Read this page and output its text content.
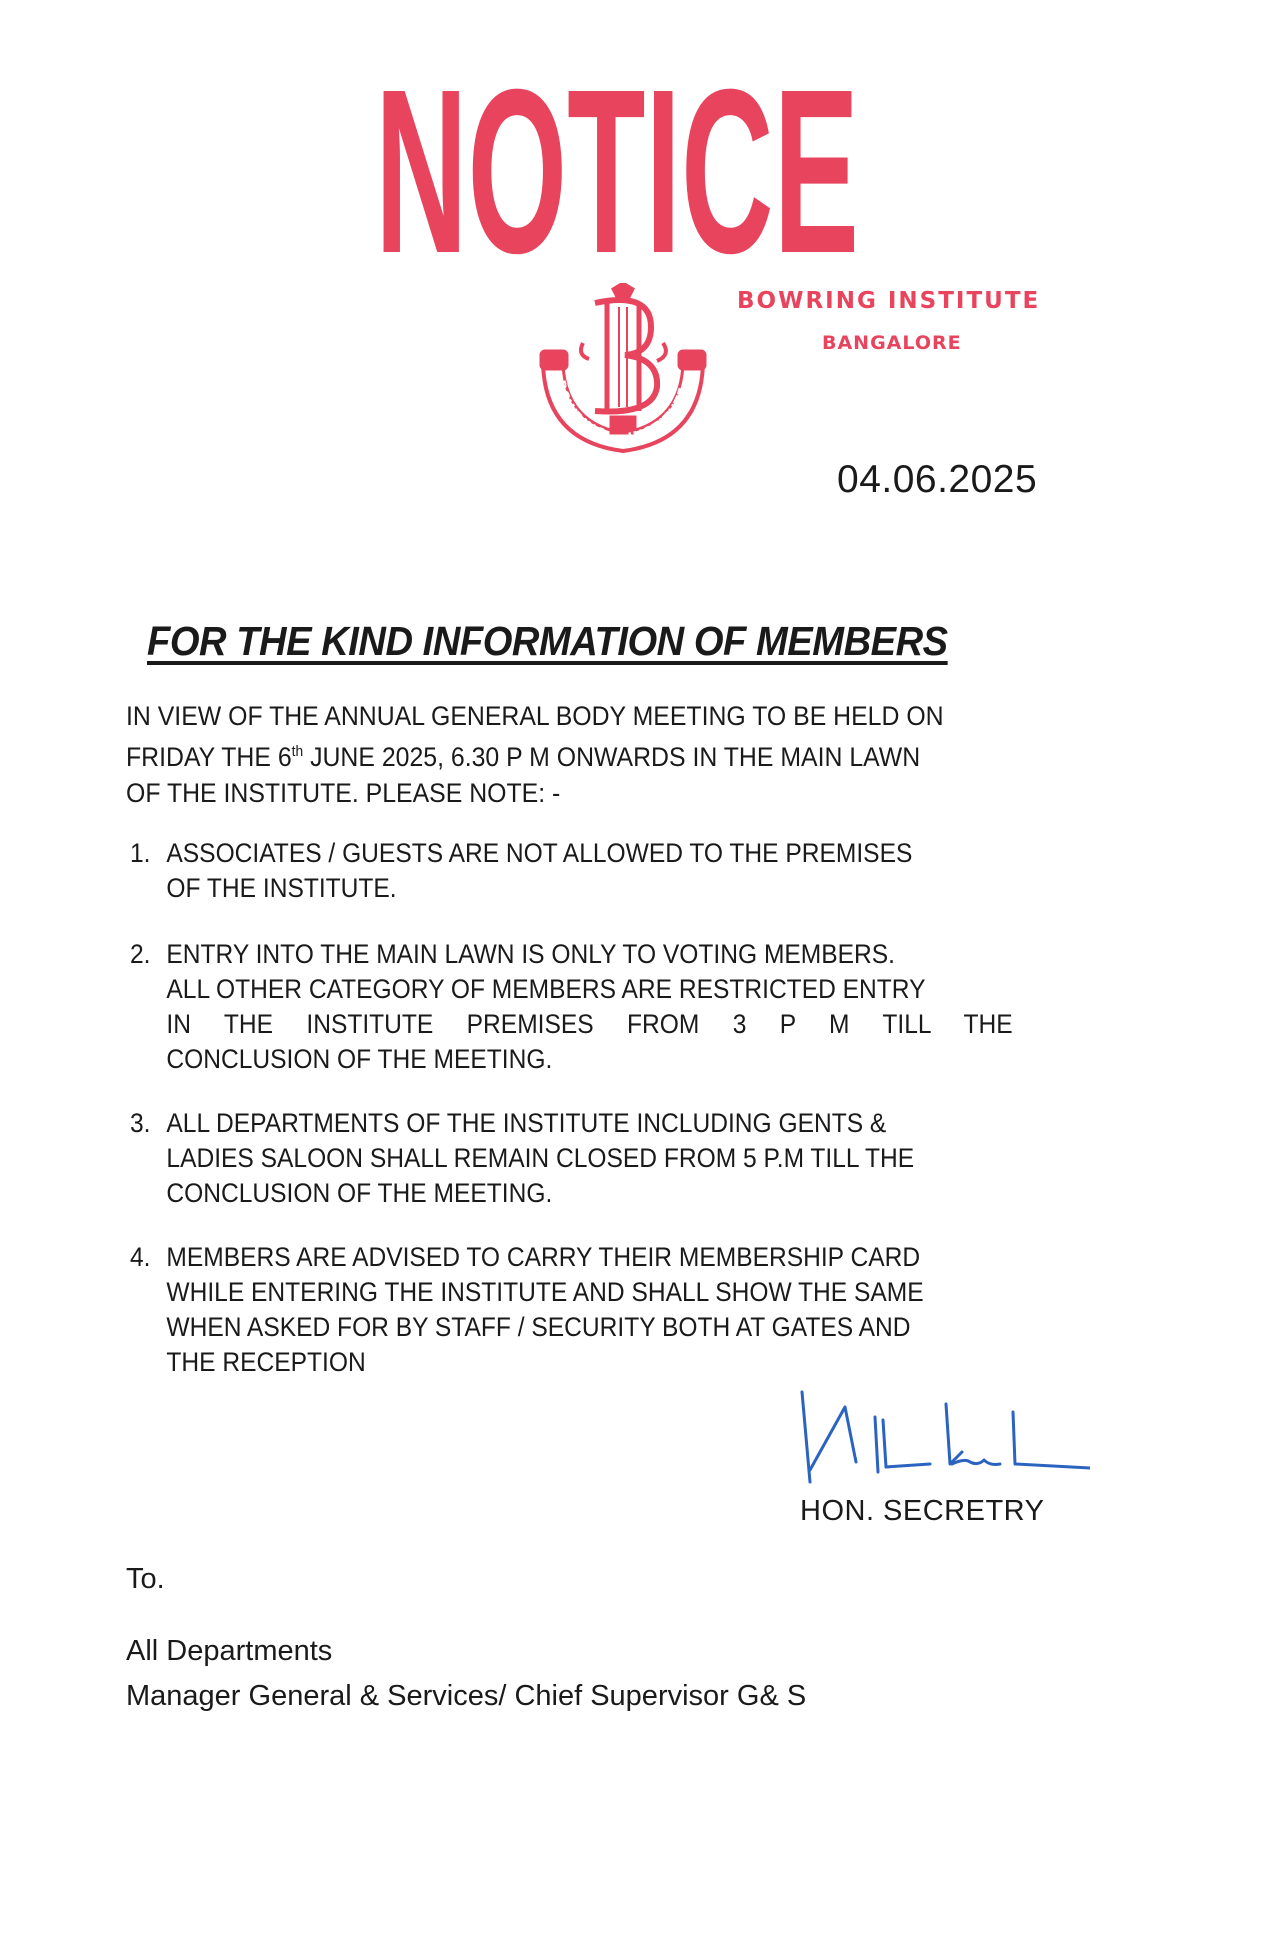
NOTICE
BOWRING INSTITUTE
BOWRING INSTITUTE
BANGALORE
04.06.2025
FOR THE KIND INFORMATION OF MEMBERS
IN VIEW OF THE ANNUAL GENERAL BODY MEETING TO BE HELD ON
FRIDAY THE 6th JUNE 2025, 6.30 P M ONWARDS IN THE MAIN LAWN
OF THE INSTITUTE. PLEASE NOTE: -
1. ASSOCIATES / GUESTS ARE NOT ALLOWED TO THE PREMISES
OF THE INSTITUTE.
2. ENTRY INTO THE MAIN LAWN IS ONLY TO VOTING MEMBERS.
ALL OTHER CATEGORY OF MEMBERS ARE RESTRICTED ENTRY
IN THE INSTITUTE PREMISES FROM 3 P M TILL THE
CONCLUSION OF THE MEETING.
3. ALL DEPARTMENTS OF THE INSTITUTE INCLUDING GENTS &
LADIES SALOON SHALL REMAIN CLOSED FROM 5 P.M TILL THE
CONCLUSION OF THE MEETING.
4. MEMBERS ARE ADVISED TO CARRY THEIR MEMBERSHIP CARD
WHILE ENTERING THE INSTITUTE AND SHALL SHOW THE SAME
WHEN ASKED FOR BY STAFF / SECURITY BOTH AT GATES AND
THE RECEPTION
HON. SECRETRY
To.
All Departments
Manager General & Services/ Chief Supervisor G& S
